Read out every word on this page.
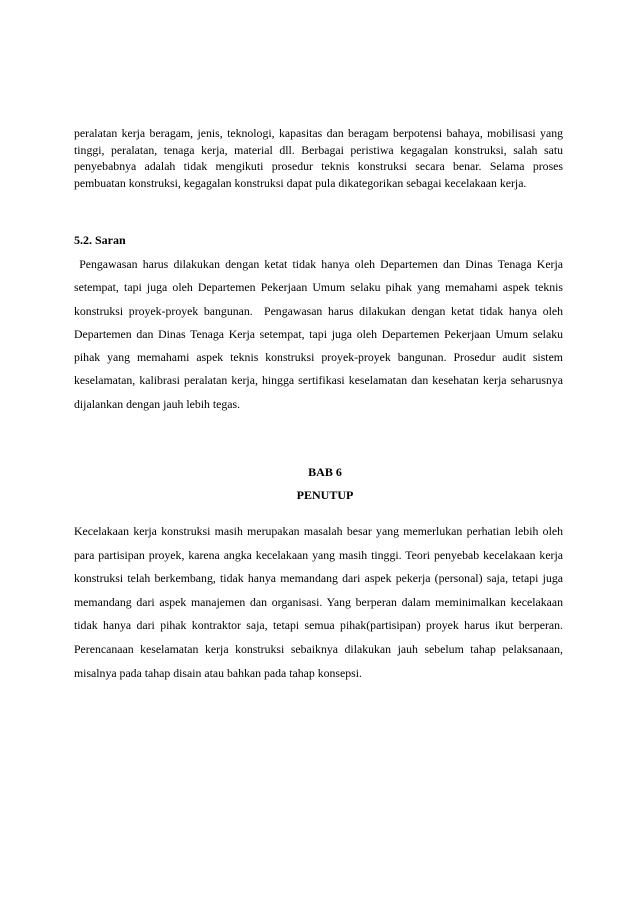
peralatan kerja beragam, jenis, teknologi, kapasitas dan beragam berpotensi bahaya, mobilisasi yang tinggi, peralatan, tenaga kerja, material dll. Berbagai peristiwa kegagalan konstruksi, salah satu penyebabnya adalah tidak mengikuti prosedur teknis konstruksi secara benar. Selama proses pembuatan konstruksi, kegagalan konstruksi dapat pula dikategorikan sebagai kecelakaan kerja.

5.2. Saran

Pengawasan harus dilakukan dengan ketat tidak hanya oleh Departemen dan Dinas Tenaga Kerja setempat, tapi juga oleh Departemen Pekerjaan Umum selaku pihak yang memahami aspek teknis konstruksi proyek-proyek bangunan.  Pengawasan harus dilakukan dengan ketat tidak hanya oleh Departemen dan Dinas Tenaga Kerja setempat, tapi juga oleh Departemen Pekerjaan Umum selaku pihak yang memahami aspek teknis konstruksi proyek-proyek bangunan. Prosedur audit sistem keselamatan, kalibrasi peralatan kerja, hingga sertifikasi keselamatan dan kesehatan kerja seharusnya dijalankan dengan jauh lebih tegas.

BAB 6

PENUTUP

Kecelakaan kerja konstruksi masih merupakan masalah besar yang memerlukan perhatian lebih oleh para partisipan proyek, karena angka kecelakaan yang masih tinggi. Teori penyebab kecelakaan kerja konstruksi telah berkembang, tidak hanya memandang dari aspek pekerja (personal) saja, tetapi juga memandang dari aspek manajemen dan organisasi. Yang berperan dalam meminimalkan kecelakaan tidak hanya dari pihak kontraktor saja, tetapi semua pihak(partisipan) proyek harus ikut berperan. Perencanaan keselamatan kerja konstruksi sebaiknya dilakukan jauh sebelum tahap pelaksanaan, misalnya pada tahap disain atau bahkan pada tahap konsepsi.
